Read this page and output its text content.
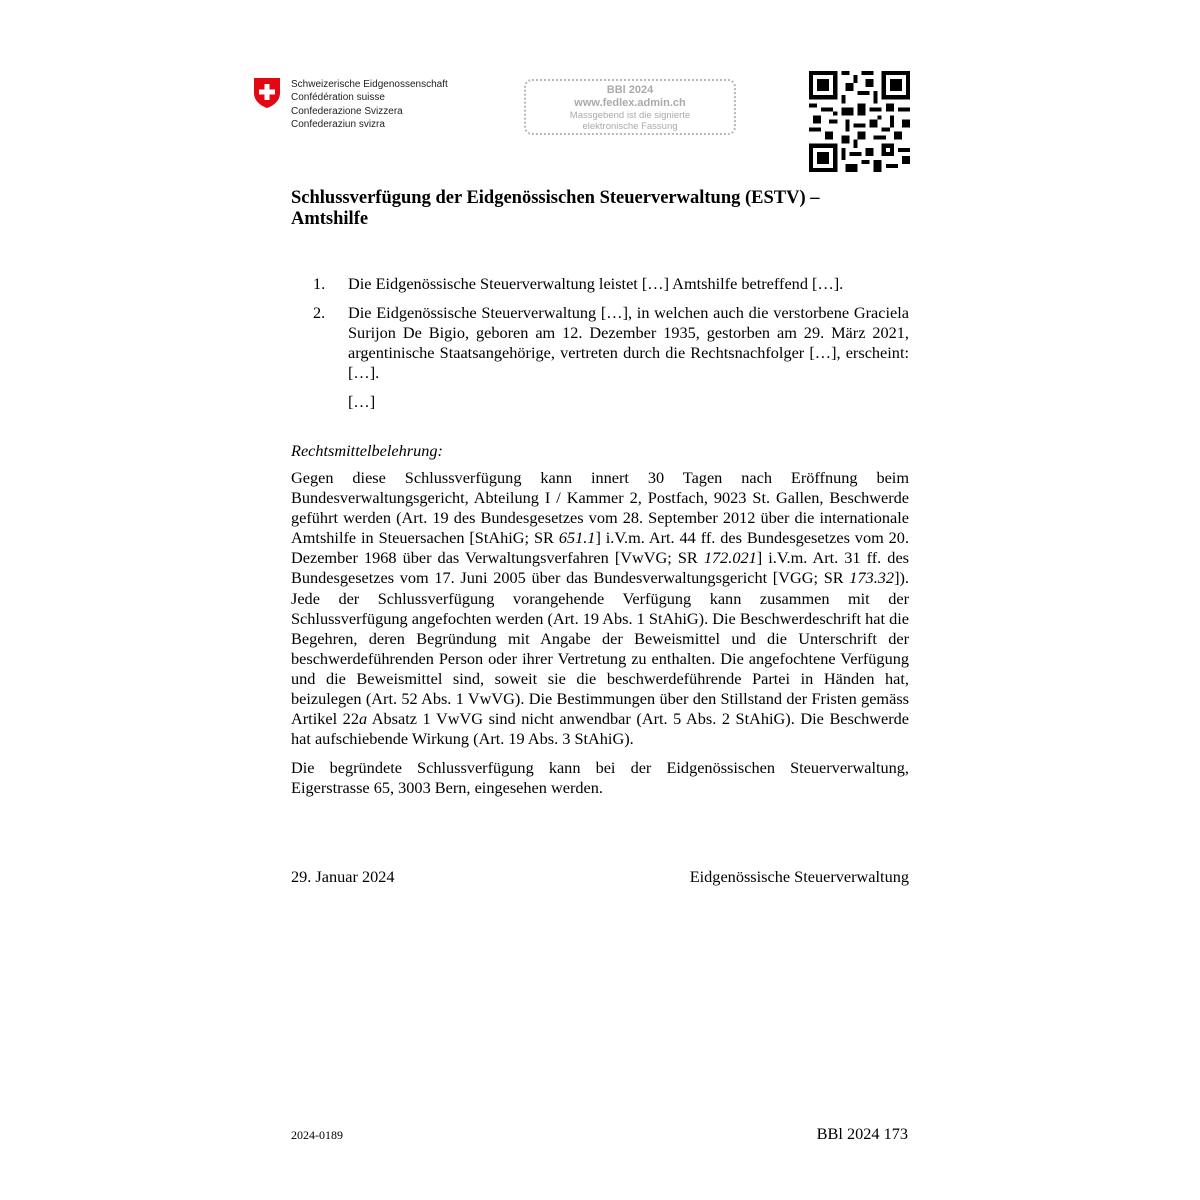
Schweizerische Eidgenossenschaft
Confédération suisse
Confederazione Svizzera
Confederaziun svizra
BBl 2024
www.fedlex.admin.ch
Massgebend ist die signierte
elektronische Fassung
Schlussverfügung der Eidgenössischen Steuerverwaltung (ESTV) – Amtshilfe
1. Die Eidgenössische Steuerverwaltung leistet […] Amtshilfe betreffend […].
2. Die Eidgenössische Steuerverwaltung […], in welchen auch die verstorbene Graciela Surijon De Bigio, geboren am 12. Dezember 1935, gestorben am 29. März 2021, argentinische Staatsangehörige, vertreten durch die Rechtsnachfolger […], erscheint: […].
[…]
Rechtsmittelbelehrung:

Gegen diese Schlussverfügung kann innert 30 Tagen nach Eröffnung beim Bundesverwaltungsgericht, Abteilung I / Kammer 2, Postfach, 9023 St. Gallen, Beschwerde geführt werden (Art. 19 des Bundesgesetzes vom 28. September 2012 über die internationale Amtshilfe in Steuersachen [StAhiG; SR 651.1] i.V.m. Art. 44 ff. des Bundesgesetzes vom 20. Dezember 1968 über das Verwaltungsverfahren [VwVG; SR 172.021] i.V.m. Art. 31 ff. des Bundesgesetzes vom 17. Juni 2005 über das Bundesverwaltungsgericht [VGG; SR 173.32]). Jede der Schlussverfügung vorangehende Verfügung kann zusammen mit der Schlussverfügung angefochten werden (Art. 19 Abs. 1 StAhiG). Die Beschwerdeschrift hat die Begehren, deren Begründung mit Angabe der Beweismittel und die Unterschrift der beschwerdeführenden Person oder ihrer Vertretung zu enthalten. Die angefochtene Verfügung und die Beweismittel sind, soweit sie die beschwerdeführende Partei in Händen hat, beizulegen (Art. 52 Abs. 1 VwVG). Die Bestimmungen über den Stillstand der Fristen gemäss Artikel 22a Absatz 1 VwVG sind nicht anwendbar (Art. 5 Abs. 2 StAhiG). Die Beschwerde hat aufschiebende Wirkung (Art. 19 Abs. 3 StAhiG).

Die begründete Schlussverfügung kann bei der Eidgenössischen Steuerverwaltung, Eigerstrasse 65, 3003 Bern, eingesehen werden.

29. Januar 2024	Eidgenössische Steuerverwaltung
2024-0189	BBl 2024 173
